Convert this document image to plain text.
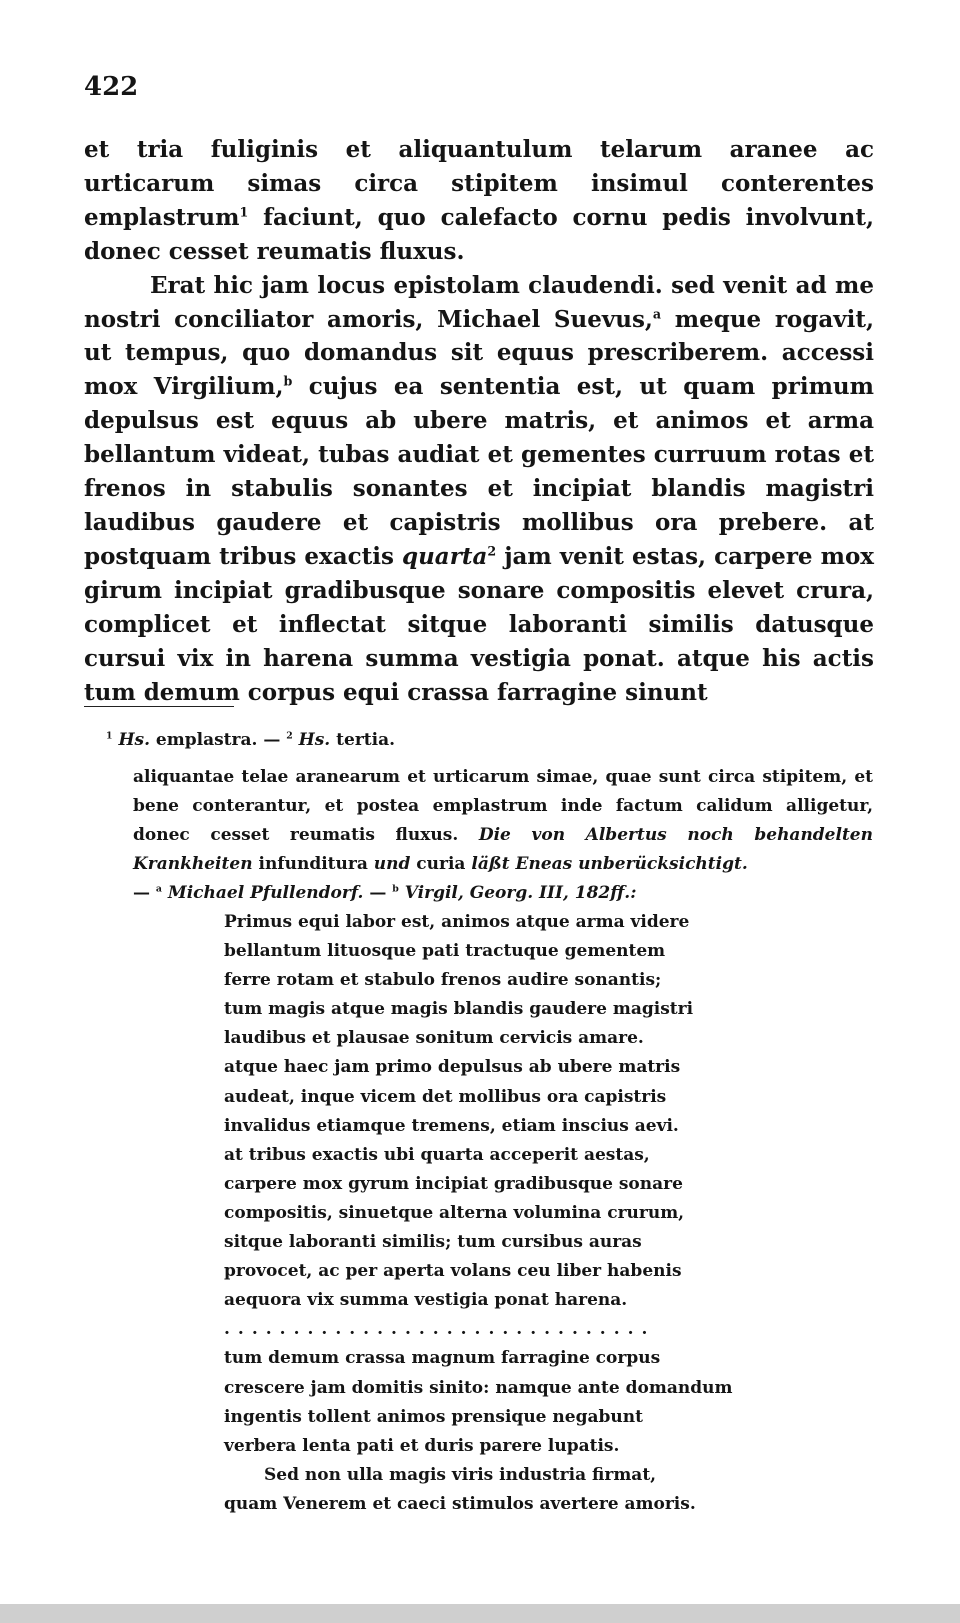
422

et tria fuliginis et aliquantulum telarum aranee ac urticarum simas circa stipitem insimul conterentes emplastrum$^1$ faciunt, quo calefacto cornu pedis involvunt, donec cesset reumatis fluxus.

Erat hic jam locus epistolam claudendi. sed venit ad me nostri conciliator amoris, Michael Suevus,$^a$ meque rogavit, ut tempus, quo domandus sit equus prescriberem. accessi mox Virgilium,$^b$ cujus ea sententia est, ut quam primum depulsus est equus ab ubere matris, et animos et arma bellantum videat, tubas audiat et gementes curruum rotas et frenos in stabulis sonantes et incipiat blandis magistri laudibus gaudere et capistris mollibus ora prebere. at postquam tribus exactis quarta$^2$ jam venit estas, carpere mox girum incipiat gradibusque sonare compositis elevet crura, complicet et inflectat sitque laboranti similis datusque cursui vix in harena summa vestigia ponat. atque his actis tum demum corpus equi crassa farragine sinunt

$^1$ Hs. emplastra. — $^2$ Hs. tertia.

aliquantae telae aranearum et urticarum simae, quae sunt circa stipitem, et bene conterantur, et postea emplastrum inde factum calidum alligetur, donec cesset reumatis fluxus. Die von Albertus noch behandelten Krankheiten infunditura und curia läßt Eneas unberücksichtigt.
— $^a$ Michael Pfullendorf. — $^b$ Virgil, Georg. III, 182ff.:

Primus equi labor est, animos atque arma videre
bellantum lituosque pati tractuque gementem
ferre rotam et stabulo frenos audire sonantis;
tum magis atque magis blandis gaudere magistri
laudibus et plausae sonitum cervicis amare.
atque haec jam primo depulsus ab ubere matris
audeat, inque vicem det mollibus ora capistris
invalidus etiamque tremens, etiam inscius aevi.
at tribus exactis ubi quarta acceperit aestas,
carpere mox gyrum incipiat gradibusque sonare
compositis, sinuetque alterna volumina crurum,
sitque laboranti similis; tum cursibus auras
provocet, ac per aperta volans ceu liber habenis
aequora vix summa vestigia ponat harena.
...............................
tum demum crassa magnum farragine corpus
crescere jam domitis sinito: namque ante domandum
ingentis tollent animos prensique negabunt
verbera lenta pati et duris parere lupatis.
Sed non ulla magis viris industria firmat,
quam Venerem et caeci stimulos avertere amoris.
